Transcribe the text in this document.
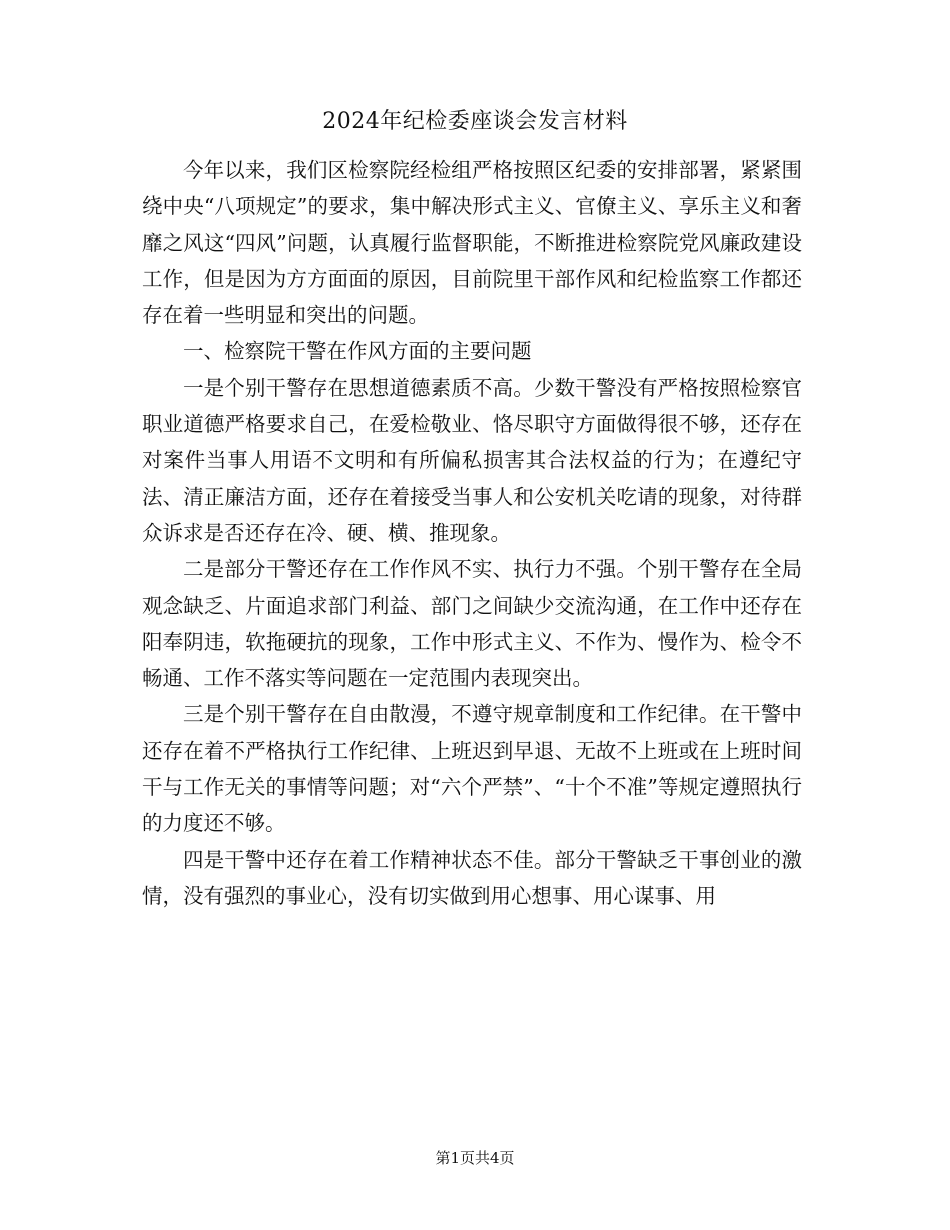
2024年纪检委座谈会发言材料

今年以来，我们区检察院经检组严格按照区纪委的安排部署，紧紧围绕中央“八项规定”的要求，集中解决形式主义、官僚主义、享乐主义和奢靡之风这“四风”问题，认真履行监督职能，不断推进检察院党风廉政建设工作，但是因为方方面面的原因，目前院里干部作风和纪检监察工作都还存在着一些明显和突出的问题。

一、检察院干警在作风方面的主要问题

一是个别干警存在思想道德素质不高。少数干警没有严格按照检察官职业道德严格要求自己，在爱检敬业、恪尽职守方面做得很不够，还存在对案件当事人用语不文明和有所偏私损害其合法权益的行为；在遵纪守法、清正廉洁方面，还存在着接受当事人和公安机关吃请的现象，对待群众诉求是否还存在冷、硬、横、推现象。

二是部分干警还存在工作作风不实、执行力不强。个别干警存在全局观念缺乏、片面追求部门利益、部门之间缺少交流沟通，在工作中还存在阳奉阴违，软拖硬抗的现象，工作中形式主义、不作为、慢作为、检令不畅通、工作不落实等问题在一定范围内表现突出。

三是个别干警存在自由散漫，不遵守规章制度和工作纪律。在干警中还存在着不严格执行工作纪律、上班迟到早退、无故不上班或在上班时间干与工作无关的事情等问题；对“六个严禁”、“十个不准”等规定遵照执行的力度还不够。

四是干警中还存在着工作精神状态不佳。部分干警缺乏干事创业的激情，没有强烈的事业心，没有切实做到用心想事、用心谋事、用

第1页共4页
